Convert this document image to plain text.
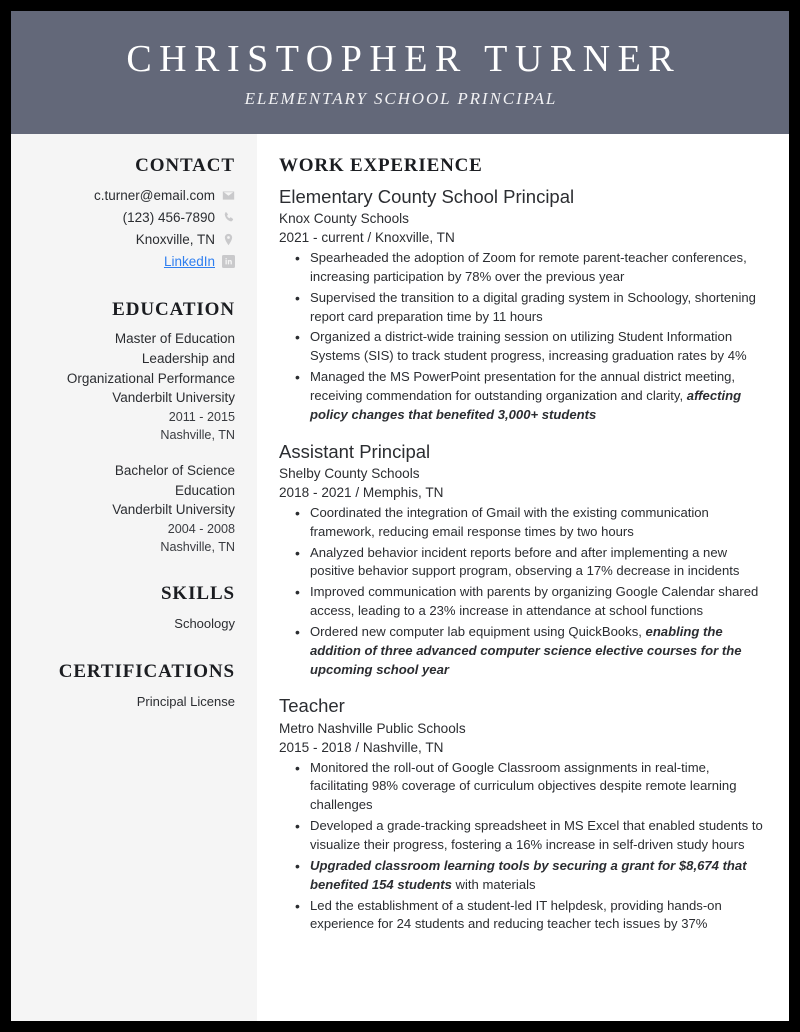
CHRISTOPHER TURNER
ELEMENTARY SCHOOL PRINCIPAL
CONTACT
c.turner@email.com
(123) 456-7890
Knoxville, TN
LinkedIn
EDUCATION
Master of Education
Leadership and
Organizational Performance
Vanderbilt University
2011 - 2015
Nashville, TN
Bachelor of Science
Education
Vanderbilt University
2004 - 2008
Nashville, TN
SKILLS
Schoology
CERTIFICATIONS
Principal License
WORK EXPERIENCE
Elementary County School Principal
Knox County Schools
2021 - current / Knoxville, TN
• Spearheaded the adoption of Zoom for remote parent-teacher conferences, increasing participation by 78% over the previous year
• Supervised the transition to a digital grading system in Schoology, shortening report card preparation time by 11 hours
• Organized a district-wide training session on utilizing Student Information Systems (SIS) to track student progress, increasing graduation rates by 4%
• Managed the MS PowerPoint presentation for the annual district meeting, receiving commendation for outstanding organization and clarity, affecting policy changes that benefited 3,000+ students
Assistant Principal
Shelby County Schools
2018 - 2021 / Memphis, TN
• Coordinated the integration of Gmail with the existing communication framework, reducing email response times by two hours
• Analyzed behavior incident reports before and after implementing a new positive behavior support program, observing a 17% decrease in incidents
• Improved communication with parents by organizing Google Calendar shared access, leading to a 23% increase in attendance at school functions
• Ordered new computer lab equipment using QuickBooks, enabling the addition of three advanced computer science elective courses for the upcoming school year
Teacher
Metro Nashville Public Schools
2015 - 2018 / Nashville, TN
• Monitored the roll-out of Google Classroom assignments in real-time, facilitating 98% coverage of curriculum objectives despite remote learning challenges
• Developed a grade-tracking spreadsheet in MS Excel that enabled students to visualize their progress, fostering a 16% increase in self-driven study hours
• Upgraded classroom learning tools by securing a grant for $8,674 that benefited 154 students with materials
• Led the establishment of a student-led IT helpdesk, providing hands-on experience for 24 students and reducing teacher tech issues by 37%
